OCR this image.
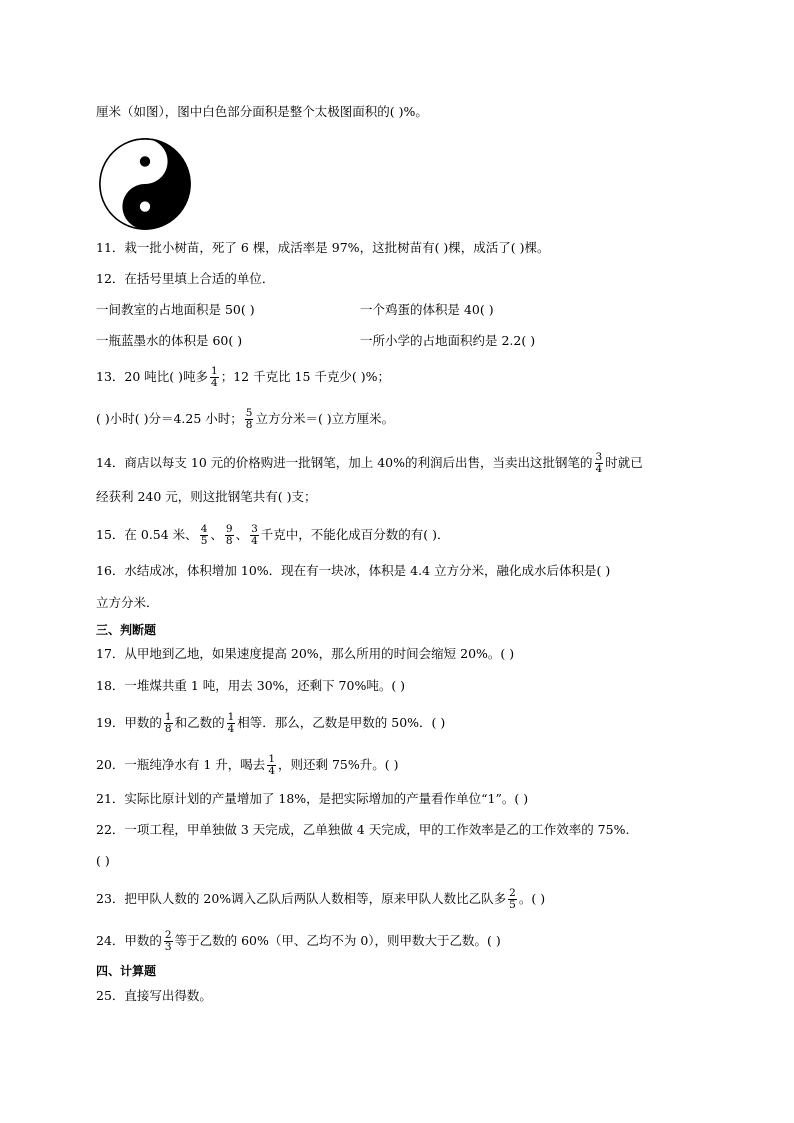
厘米（如图），图中白色部分面积是整个太极图面积的( )%。
11．栽一批小树苗，死了 6 棵，成活率是 97%，这批树苗有( )棵，成活了( )棵。
12．在括号里填上合适的单位．
一间教室的占地面积是 50( )	一个鸡蛋的体积是 40( )
一瓶蓝墨水的体积是 60( )	一所小学的占地面积约是 2.2( )
13．20 吨比( )吨多 $\frac{1}{4}$ ；12 千克比 15 千克少( )%；
( )小时( )分＝4.25 小时； $\frac{5}{8}$ 立方分米＝( )立方厘米。
14．商店以每支 10 元的价格购进一批钢笔，加上 40%的利润后出售，当卖出这批钢笔的 $\frac{3}{4}$ 时就已
经获利 240 元，则这批钢笔共有( )支；
15．在 0.54 米、 $\frac{4}{5}$ 、 $\frac{9}{8}$ 、 $\frac{3}{4}$ 千克中，不能化成百分数的有( )．
16．水结成冰，体积增加 10%．现在有一块冰，体积是 4.4 立方分米，融化成水后体积是( )
立方分米．
三、判断题
17．从甲地到乙地，如果速度提高 20%，那么所用的时间会缩短 20%。( )
18．一堆煤共重 1 吨，用去 30%，还剩下 70%吨。( )
19．甲数的 $\frac{1}{8}$ 和乙数的 $\frac{1}{4}$ 相等．那么，乙数是甲数的 50%．( )
20．一瓶纯净水有 1 升，喝去 $\frac{1}{4}$ ，则还剩 75%升。( )
21．实际比原计划的产量增加了 18%，是把实际增加的产量看作单位“1”。( )
22．一项工程，甲单独做 3 天完成，乙单独做 4 天完成，甲的工作效率是乙的工作效率的 75%.
( )
23．把甲队人数的 20%调入乙队后两队人数相等，原来甲队人数比乙队多 $\frac{2}{5}$ 。( )
24．甲数的 $\frac{2}{3}$ 等于乙数的 60%（甲、乙均不为 0），则甲数大于乙数。( )
四、计算题
25．直接写出得数。
